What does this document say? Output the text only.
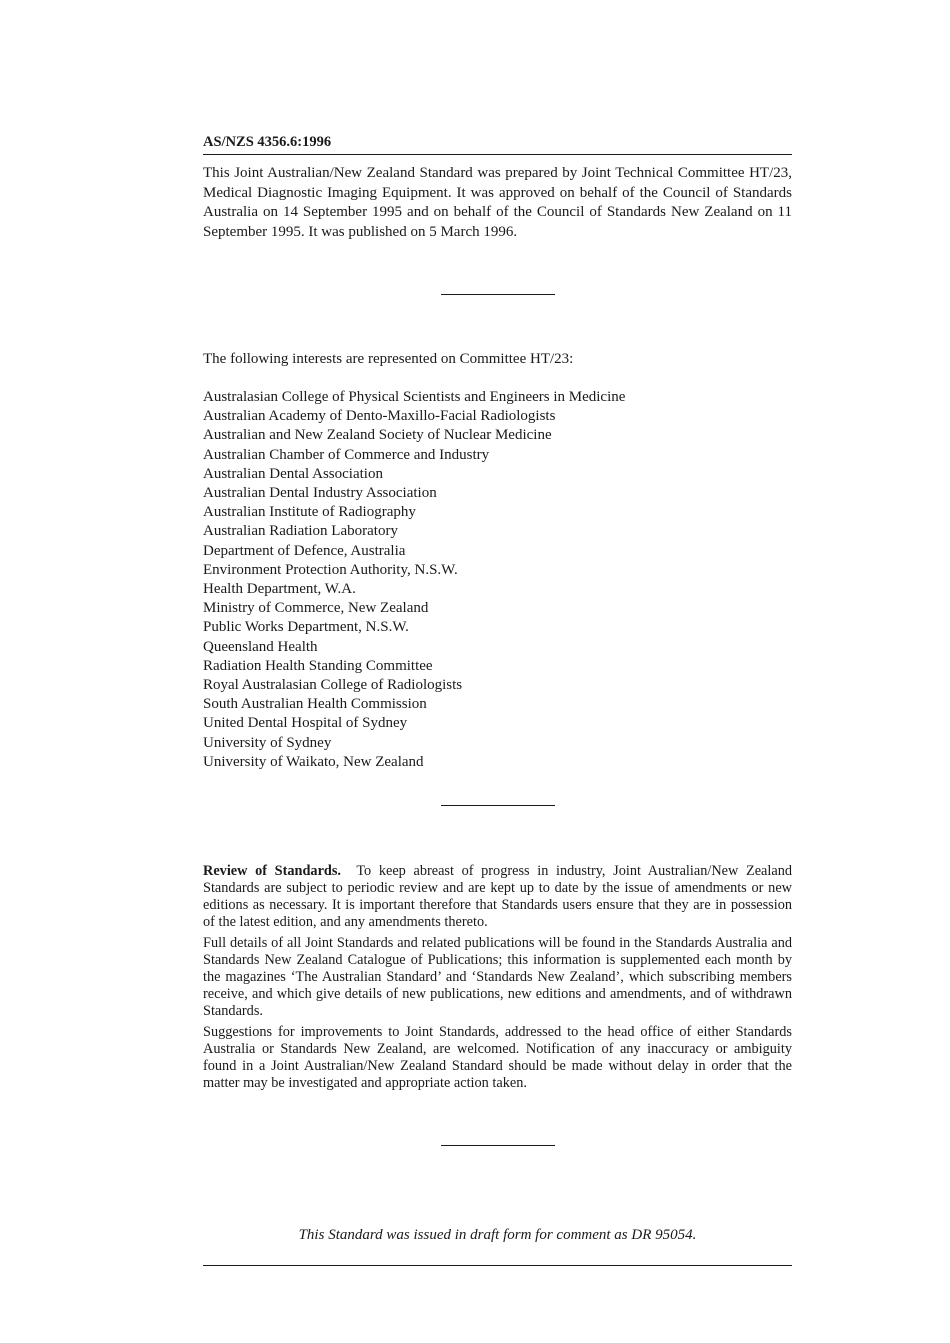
AS/NZS 4356.6:1996

This Joint Australian/New Zealand Standard was prepared by Joint Technical Committee HT/23, Medical Diagnostic Imaging Equipment. It was approved on behalf of the Council of Standards Australia on 14 September 1995 and on behalf of the Council of Standards New Zealand on 11 September 1995. It was published on 5 March 1996.

The following interests are represented on Committee HT/23:

Australasian College of Physical Scientists and Engineers in Medicine
Australian Academy of Dento-Maxillo-Facial Radiologists
Australian and New Zealand Society of Nuclear Medicine
Australian Chamber of Commerce and Industry
Australian Dental Association
Australian Dental Industry Association
Australian Institute of Radiography
Australian Radiation Laboratory
Department of Defence, Australia
Environment Protection Authority, N.S.W.
Health Department, W.A.
Ministry of Commerce, New Zealand
Public Works Department, N.S.W.
Queensland Health
Radiation Health Standing Committee
Royal Australasian College of Radiologists
South Australian Health Commission
United Dental Hospital of Sydney
University of Sydney
University of Waikato, New Zealand

Review of Standards. To keep abreast of progress in industry, Joint Australian/New Zealand Standards are subject to periodic review and are kept up to date by the issue of amendments or new editions as necessary. It is important therefore that Standards users ensure that they are in possession of the latest edition, and any amendments thereto.

Full details of all Joint Standards and related publications will be found in the Standards Australia and Standards New Zealand Catalogue of Publications; this information is supplemented each month by the magazines ‘The Australian Standard’ and ‘Standards New Zealand’, which subscribing members receive, and which give details of new publications, new editions and amendments, and of withdrawn Standards.

Suggestions for improvements to Joint Standards, addressed to the head office of either Standards Australia or Standards New Zealand, are welcomed. Notification of any inaccuracy or ambiguity found in a Joint Australian/New Zealand Standard should be made without delay in order that the matter may be investigated and appropriate action taken.

This Standard was issued in draft form for comment as DR 95054.
